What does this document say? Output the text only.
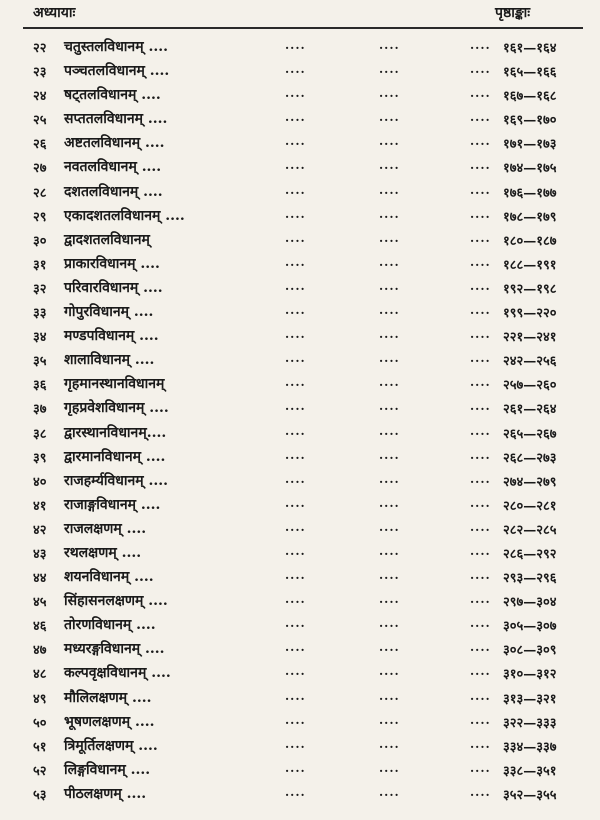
अध्यायाः	पृष्ठाङ्काः
२२ चतुस्तलविधानम् ....	....	....	.... १६१—१६४
२३ पञ्चतलविधानम् ....	....	....	.... १६५—१६६
२४ षट्तलविधानम् ....	....	....	.... १६७—१६८
२५ सप्ततलविधानम् ....	....	....	.... १६९—१७०
२६ अष्टतलविधानम् ....	....	....	.... १७१—१७३
२७ नवतलविधानम् ....	....	....	.... १७४—१७५
२८ दशतलविधानम् ....	....	....	.... १७६—१७७
२९ एकादशतलविधानम् ....	....	....	.... १७८—१७९
३० द्वादशतलविधानम्	....	....	.... १८०—१८७
३१ प्राकारविधानम् ....	....	....	.... १८८—१९१
३२ परिवारविधानम् ....	....	....	.... १९२—१९८
३३ गोपुरविधानम् ....	....	....	.... १९९—२२०
३४ मण्डपविधानम् ....	....	....	.... २२१—२४१
३५ शालाविधानम् ....	....	....	.... २४२—२५६
३६ गृहमानस्थानविधानम्	....	....	.... २५७—२६०
३७ गृहप्रवेशविधानम् ....	....	....	.... २६१—२६४
३८ द्वारस्थानविधानम्....	....	....	.... २६५—२६७
३९ द्वारमानविधानम् ....	....	....	.... २६८—२७३
४० राजहर्म्यविधानम् ....	....	....	.... २७४—२७९
४१ राजाङ्गविधानम् ....	....	....	.... २८०—२८१
४२ राजलक्षणम् ....	....	....	.... २८२—२८५
४३ रथलक्षणम् ....	....	....	.... २८६—२९२
४४ शयनविधानम् ....	....	....	.... २९३—२९६
४५ सिंहासनलक्षणम् ....	....	....	.... २९७—३०४
४६ तोरणविधानम् ....	....	....	.... ३०५—३०७
४७ मध्यरङ्गविधानम् ....	....	....	.... ३०८—३०९
४८ कल्पवृक्षविधानम् ....	....	....	.... ३१०—३१२
४९ मौलिलक्षणम् ....	....	....	.... ३१३—३२१
५० भूषणलक्षणम् ....	....	....	.... ३२२—३३३
५१ त्रिमूर्तिलक्षणम् ....	....	....	.... ३३४—३३७
५२ लिङ्गविधानम् ....	....	....	.... ३३८—३५१
५३ पीठलक्षणम् ....	....	....	.... ३५२—३५५
